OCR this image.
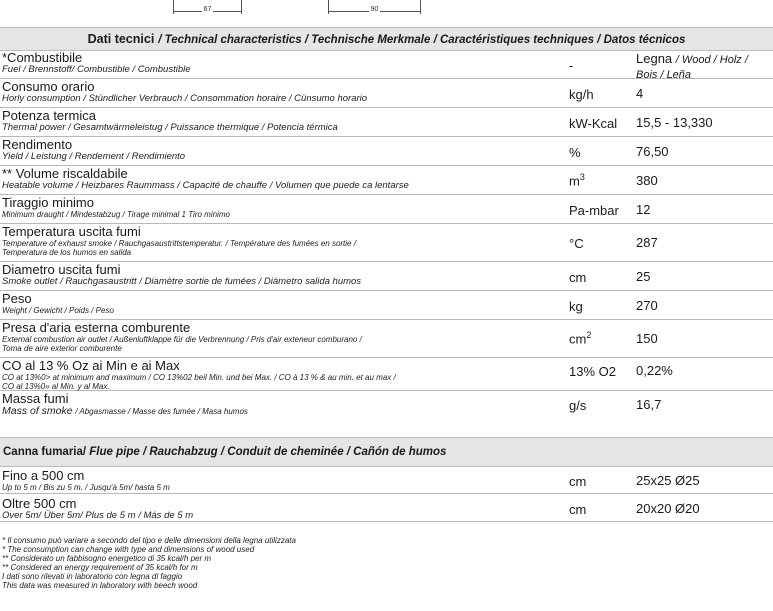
67	90
Dati tecnici / Technical characteristics / Technische Merkmale / Caractéristiques techniques / Datos técnicos
*Combustibile
Fuel / Brennstoff/ Combustible / Combustible	-	Legna / Wood / Holz /
Bois / Leña
Consumo orario
Horly consumption / Stündlicher Verbrauch / Consommation horaire / Cünsumo horario	kg/h	4
Potenza termica
Thermal power / Gesamtwärmeleistug / Puissance thermique / Potencia térmica	kW-Kcal 15,5 - 13,330
Rendimento
Yield / Leistung / Rendement / Rendimiento	%	76,50
** Volume riscaldabile
Heatable volume / Heizbares Raummass / Capacité de chauffe / Volumen que puede ca lentarse	$m^3$	380
Tiraggio minimo
Minimum draught / Mindestabzug / Tirage minimal 1 Tiro minimo	Pa-mbar 12
Temperatura uscita fumi
Temperature of exhaust smoke / Rauchgasaustrittstemperatur. / Température des fumées en sortie /
Temperatura de los humos en salida
°C	287
Diametro uscita fumi
Smoke outlet / Rauchgasaustritt / Diamètre sortie de fumées / Diàmetro salida humos	cm	25
Peso
Weight / Gewicht / Poids / Peso	kg	270
Presa d'aria esterna comburente
External combustion air outlet / Außenluftklappe für die Verbrennung / Pris d'air exteneur comburano /
Toma de aire exterior comburente
$cm^2$	150
CO al 13 % Oz ai Min e ai Max
CO at 13%0> at minimum and maximum / CO 13%02 beil Min. und bei Max. / CO à 13 % & au min. et au max /
CO al 13%0» al Min. y al Max.
13% O2 0,22%
Massa fumi
Mass of smoke / Abgasmasse / Masse des fumée / Masa humos	g/s	16,7
Canna fumaria/ Flue pipe / Rauchabzug / Conduit de cheminée / Cañón de humos
Fino a 500 cm
Up to 5 m / Bis zu 5 m. / Jusqu'à 5m/ hasta 5 m	cm	25x25 Ø25
Oltre 500 cm
Over 5m/ Über 5m/ Plus de 5 m / Más de 5 m	cm	20x20 Ø20
* Il consumo può variare a secondo del tipo e delle dimensioni della legna utilizzata
* The consumption can change with type and dimensions of wood used
** Considerato un fabbisogno energetico di 35 kcal/h per m
** Considered an energy requirement of 35 kcal/h for m
I dati sono rilevati in laboratorio con legna di faggio
This data was measured in laboratory with beech wood
